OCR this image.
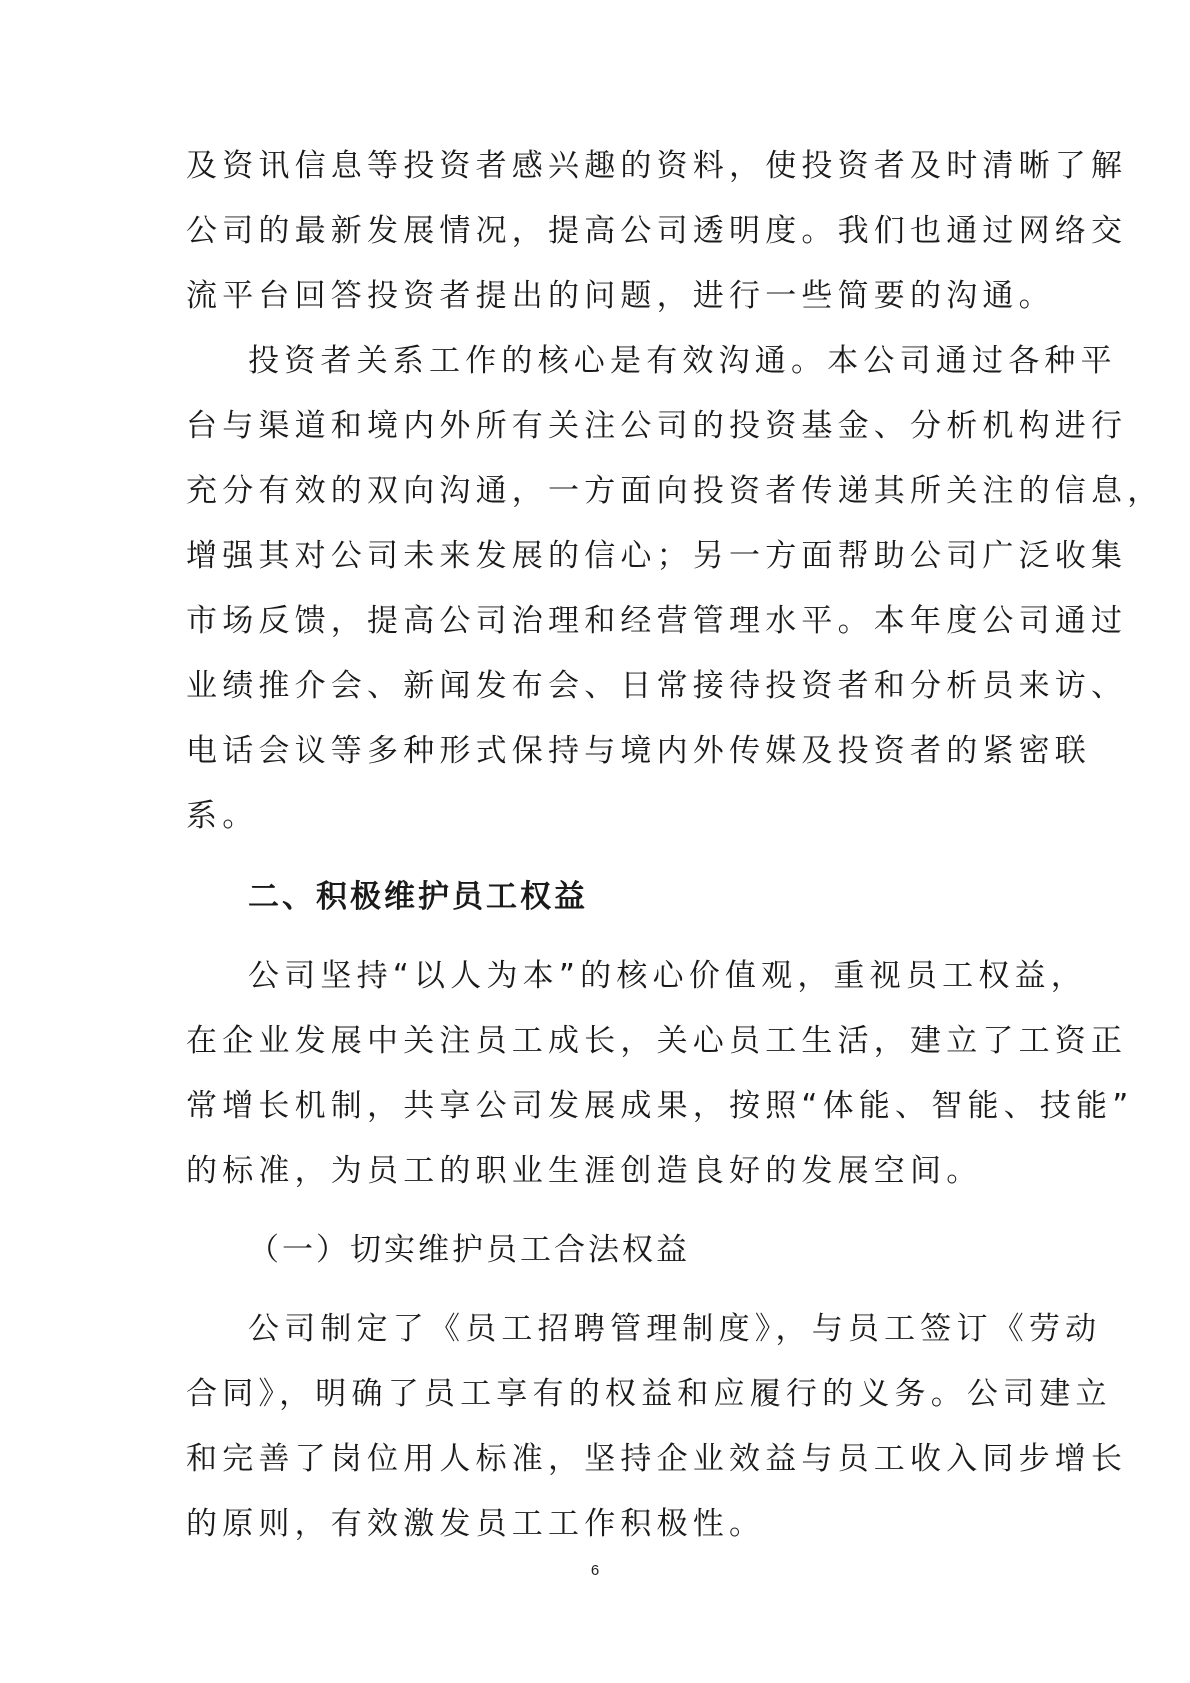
及资讯信息等投资者感兴趣的资料，使投资者及时清晰了解
公司的最新发展情况，提高公司透明度。我们也通过网络交
流平台回答投资者提出的问题，进行一些简要的沟通。
投资者关系工作的核心是有效沟通。本公司通过各种平
台与渠道和境内外所有关注公司的投资基金、分析机构进行
充分有效的双向沟通，一方面向投资者传递其所关注的信息，
增强其对公司未来发展的信心；另一方面帮助公司广泛收集
市场反馈，提高公司治理和经营管理水平。本年度公司通过
业绩推介会、新闻发布会、日常接待投资者和分析员来访、
电话会议等多种形式保持与境内外传媒及投资者的紧密联
系。
二、积极维护员工权益
公司坚持“以人为本”的核心价值观，重视员工权益，
在企业发展中关注员工成长，关心员工生活，建立了工资正
常增长机制，共享公司发展成果，按照“体能、智能、技能”
的标准，为员工的职业生涯创造良好的发展空间。
（一）切实维护员工合法权益
公司制定了《员工招聘管理制度》，与员工签订《劳动
合同》，明确了员工享有的权益和应履行的义务。公司建立
和完善了岗位用人标准，坚持企业效益与员工收入同步增长
的原则，有效激发员工工作积极性。
6
